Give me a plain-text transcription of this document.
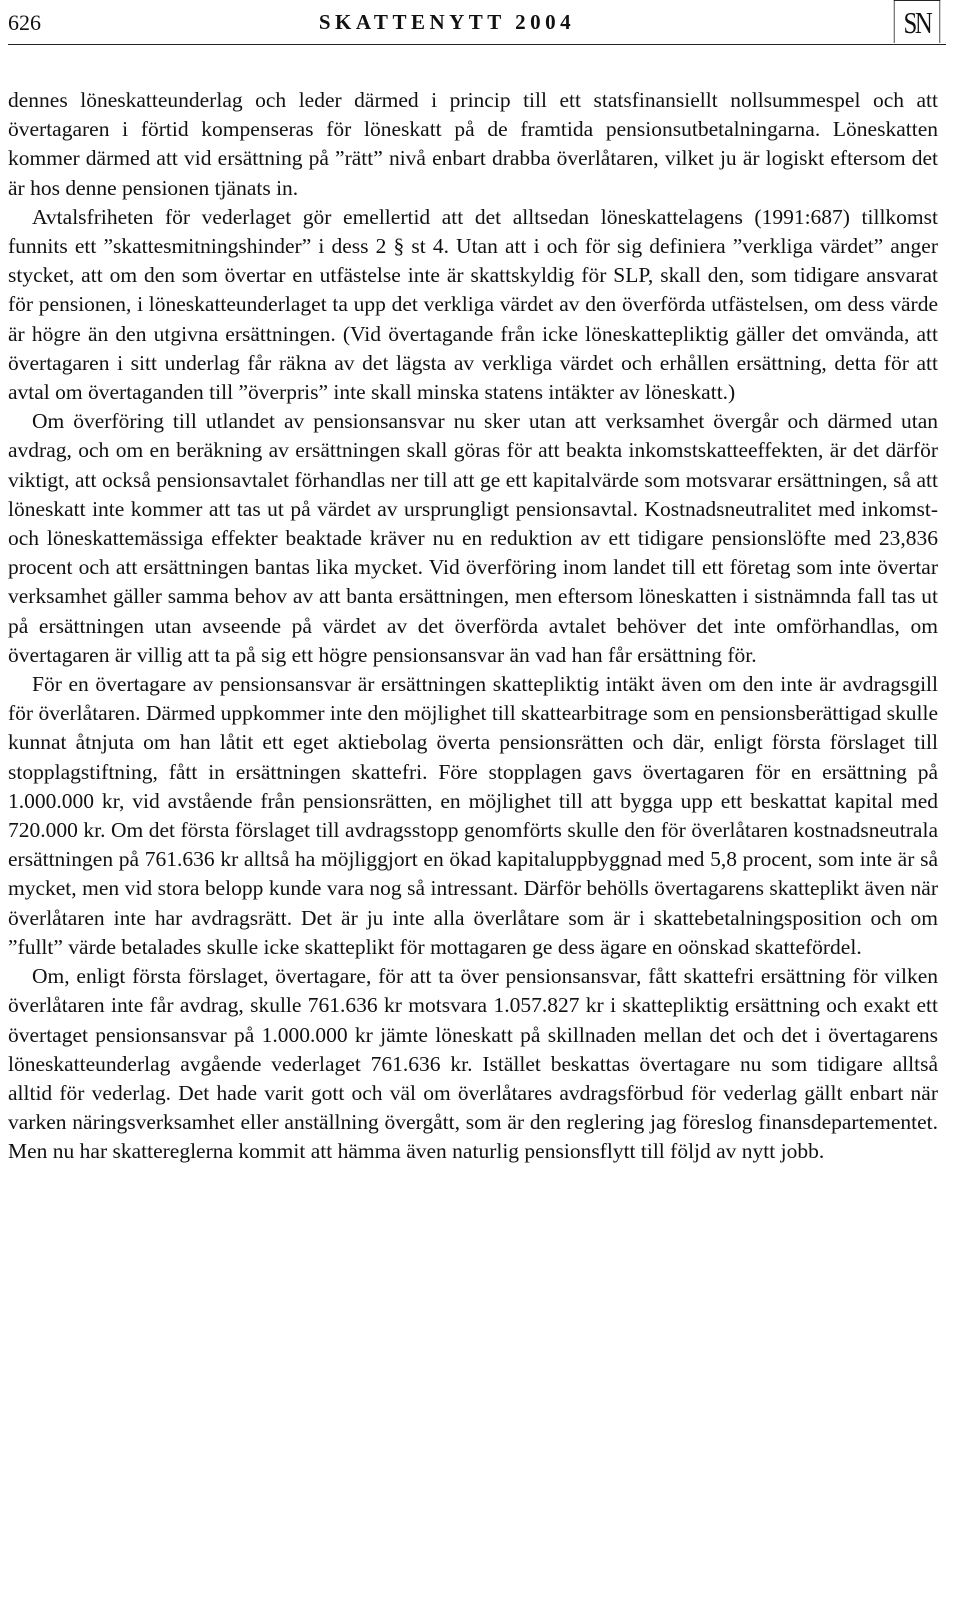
626	SKATTENYTT 2004	SN

dennes löneskatteunderlag och leder därmed i princip till ett statsfinansiellt nollsummespel och att övertagaren i förtid kompenseras för löneskatt på de framtida pensionsutbetalningarna. Löneskatten kommer därmed att vid ersättning på ”rätt” nivå enbart drabba överlåtaren, vilket ju är logiskt eftersom det är hos denne pensionen tjänats in.

Avtalsfriheten för vederlaget gör emellertid att det alltsedan löneskattelagens (1991:687) tillkomst funnits ett ”skattesmitningshinder” i dess 2 § st 4. Utan att i och för sig definiera ”verkliga värdet” anger stycket, att om den som övertar en utfästelse inte är skattskyldig för SLP, skall den, som tidigare ansvarat för pensionen, i löneskatteunderlaget ta upp det verkliga värdet av den överförda utfästelsen, om dess värde är högre än den utgivna ersättningen. (Vid övertagande från icke löneskattepliktig gäller det omvända, att övertagaren i sitt underlag får räkna av det lägsta av verkliga värdet och erhållen ersättning, detta för att avtal om övertaganden till ”överpris” inte skall minska statens intäkter av löneskatt.)

Om överföring till utlandet av pensionsansvar nu sker utan att verksamhet övergår och därmed utan avdrag, och om en beräkning av ersättningen skall göras för att beakta inkomstskatteeffekten, är det därför viktigt, att också pensionsavtalet förhandlas ner till att ge ett kapitalvärde som motsvarar ersättningen, så att löneskatt inte kommer att tas ut på värdet av ursprungligt pensionsavtal. Kostnadsneutralitet med inkomst- och löneskattemässiga effekter beaktade kräver nu en reduktion av ett tidigare pensionslöfte med 23,836 procent och att ersättningen bantas lika mycket. Vid överföring inom landet till ett företag som inte övertar verksamhet gäller samma behov av att banta ersättningen, men eftersom löneskatten i sistnämnda fall tas ut på ersättningen utan avseende på värdet av det överförda avtalet behöver det inte omförhandlas, om övertagaren är villig att ta på sig ett högre pensionsansvar än vad han får ersättning för.

För en övertagare av pensionsansvar är ersättningen skattepliktig intäkt även om den inte är avdragsgill för överlåtaren. Därmed uppkommer inte den möjlighet till skattearbitrage som en pensionsberättigad skulle kunnat åtnjuta om han låtit ett eget aktiebolag överta pensionsrätten och där, enligt första förslaget till stopplagstiftning, fått in ersättningen skattefri. Före stopplagen gavs övertagaren för en ersättning på 1.000.000 kr, vid avstående från pensionsrätten, en möjlighet till att bygga upp ett beskattat kapital med 720.000 kr. Om det första förslaget till avdragsstopp genomförts skulle den för överlåtaren kostnadsneutrala ersättningen på 761.636 kr alltså ha möjliggjort en ökad kapitaluppbyggnad med 5,8 procent, som inte är så mycket, men vid stora belopp kunde vara nog så intressant. Därför behölls övertagarens skatteplikt även när överlåtaren inte har avdragsrätt. Det är ju inte alla överlåtare som är i skattebetalningsposition och om ”fullt” värde betalades skulle icke skatteplikt för mottagaren ge dess ägare en oönskad skattefördel.

Om, enligt första förslaget, övertagare, för att ta över pensionsansvar, fått skattefri ersättning för vilken överlåtaren inte får avdrag, skulle 761.636 kr motsvara 1.057.827 kr i skattepliktig ersättning och exakt ett övertaget pensionsansvar på 1.000.000 kr jämte löneskatt på skillnaden mellan det och det i övertagarens löneskatteunderlag avgående vederlaget 761.636 kr. Istället beskattas övertagare nu som tidigare alltså alltid för vederlag. Det hade varit gott och väl om överlåtares avdragsförbud för vederlag gällt enbart när varken näringsverksamhet eller anställning övergått, som är den reglering jag föreslog finansdepartementet. Men nu har skattereglerna kommit att hämma även naturlig pensionsflytt till följd av nytt jobb.
